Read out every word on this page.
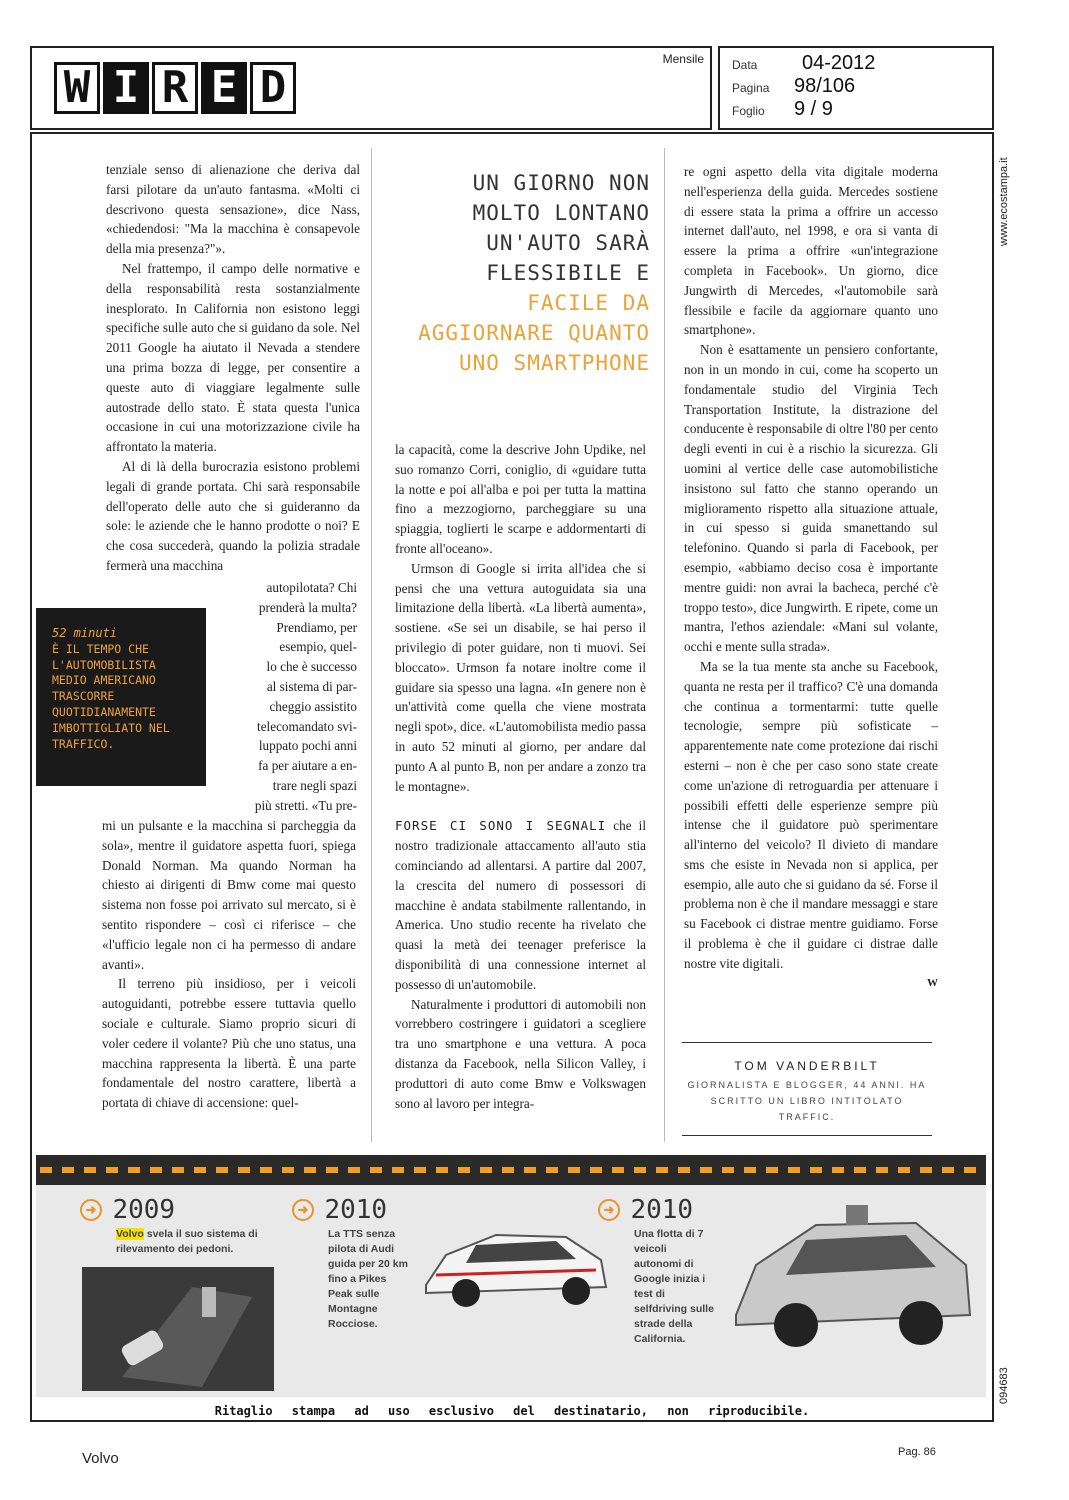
W I R E D
Mensile Data	04-2012
Pagina	98/106
Foglio	9 / 9
www.ecostampa.it
094683

tenziale senso di alienazione che deriva dal farsi pilotare da un'auto fantasma. «Molti ci descrivono questa sensazione», dice Nass, «chiedendosi: "Ma la macchina è consapevole della mia presenza?"».

Nel frattempo, il campo delle normative e della responsabilità resta sostanzialmente inesplorato. In California non esistono leggi specifiche sulle auto che si guidano da sole. Nel 2011 Google ha aiutato il Nevada a stendere una prima bozza di legge, per consentire a queste auto di viaggiare legalmente sulle autostrade dello stato. È stata questa l'unica occasione in cui una motorizzazione civile ha affrontato la materia.

Al di là della burocrazia esistono problemi legali di grande portata. Chi sarà responsabile dell'operato delle auto che si guideranno da sole: le aziende che le hanno prodotte o noi? E che cosa succederà, quando la polizia stradale fermerà una macchina

autopilotata? Chi
prenderà la multa?
Prendiamo, per
esempio, quel-
lo che è successo
al sistema di par-
cheggio assistito
telecomandato svi-
luppato pochi anni
fa per aiutare a en-
trare negli spazi
più stretti. «Tu pre-

mi un pulsante e la macchina si parcheggia da sola», mentre il guidatore aspetta fuori, spiega Donald Norman. Ma quando Norman ha chiesto ai dirigenti di Bmw come mai questo sistema non fosse poi arrivato sul mercato, si è sentito rispondere – così ci riferisce – che «l'ufficio legale non ci ha permesso di andare avanti».

Il terreno più insidioso, per i veicoli autoguidanti, potrebbe essere tuttavia quello sociale e culturale. Siamo proprio sicuri di voler cedere il volante? Più che uno status, una macchina rappresenta la libertà. È una parte fondamentale del nostro carattere, libertà a portata di chiave di accensione: quel-

52 minuti
È IL TEMPO CHE L'AUTOMOBILISTA MEDIO AMERICANO TRASCORRE QUOTIDIANAMENTE IMBOTTIGLIATO NEL TRAFFICO.
UN GIORNO NON MOLTO LONTANO UN'AUTO SARÀ FLESSIBILE E FACILE DA AGGIORNARE QUANTO UNO SMARTPHONE

la capacità, come la descrive John Updike, nel suo romanzo Corri, coniglio, di «guidare tutta la notte e poi all'alba e poi per tutta la mattina fino a mezzogiorno, parcheggiare su una spiaggia, toglierti le scarpe e addormentarti di fronte all'oceano».

Urmson di Google si irrita all'idea che si pensi che una vettura autoguidata sia una limitazione della libertà. «La libertà aumenta», sostiene. «Se sei un disabile, se hai perso il privilegio di poter guidare, non ti muovi. Sei bloccato». Urmson fa notare inoltre come il guidare sia spesso una lagna. «In genere non è un'attività come quella che viene mostrata negli spot», dice. «L'automobilista medio passa in auto 52 minuti al giorno, per andare dal punto A al punto B, non per andare a zonzo tra le montagne».

FORSE CI SONO I SEGNALI che il nostro tradizionale attaccamento all'auto stia cominciando ad allentarsi. A partire dal 2007, la crescita del numero di possessori di macchine è andata stabilmente rallentando, in America. Uno studio recente ha rivelato che quasi la metà dei teenager preferisce la disponibilità di una connessione internet al possesso di un'automobile.

Naturalmente i produttori di automobili non vorrebbero costringere i guidatori a scegliere tra uno smartphone e una vettura. A poca distanza da Facebook, nella Silicon Valley, i produttori di auto come Bmw e Volkswagen sono al lavoro per integra-

re ogni aspetto della vita digitale moderna nell'esperienza della guida. Mercedes sostiene di essere stata la prima a offrire un accesso internet dall'auto, nel 1998, e ora si vanta di essere la prima a offrire «un'integrazione completa in Facebook». Un giorno, dice Jungwirth di Mercedes, «l'automobile sarà flessibile e facile da aggiornare quanto uno smartphone».

Non è esattamente un pensiero confortante, non in un mondo in cui, come ha scoperto un fondamentale studio del Virginia Tech Transportation Institute, la distrazione del conducente è responsabile di oltre l'80 per cento degli eventi in cui è a rischio la sicurezza. Gli uomini al vertice delle case automobilistiche insistono sul fatto che stanno operando un miglioramento rispetto alla situazione attuale, in cui spesso si guida smanettando sul telefonino. Quando si parla di Facebook, per esempio, «abbiamo deciso cosa è importante mentre guidi: non avrai la bacheca, perché c'è troppo testo», dice Jungwirth. E ripete, come un mantra, l'ethos aziendale: «Mani sul volante, occhi e mente sulla strada».

Ma se la tua mente sta anche su Facebook, quanta ne resta per il traffico? C'è una domanda che continua a tormentarmi: tutte quelle tecnologie, sempre più sofisticate – apparentemente nate come protezione dai rischi esterni – non è che per caso sono state create come un'azione di retroguardia per attenuare i possibili effetti delle esperienze sempre più intense che il guidatore può sperimentare all'interno del veicolo? Il divieto di mandare sms che esiste in Nevada non si applica, per esempio, alle auto che si guidano da sé. Forse il problema non è che il mandare messaggi e stare su Facebook ci distrae mentre guidiamo. Forse il problema è che il guidare ci distrae dalle nostre vite digitali.

W
TOM VANDERBILT
GIORNALISTA E BLOGGER, 44 ANNI. HA SCRITTO UN LIBRO INTITOLATO TRAFFIC.
➜ 2009
Volvo svela il suo sistema di rilevamento dei pedoni.
➜ 2010
La TTS senza pilota di Audi guida per 20 km fino a Pikes Peak sulle Montagne Rocciose.
➜ 2010
Una flotta di 7 veicoli autonomi di Google inizia i test di selfdriving sulle strade della California.
Ritaglio stampa ad uso esclusivo del destinatario, non riproducibile.
Volvo	Pag. 86
